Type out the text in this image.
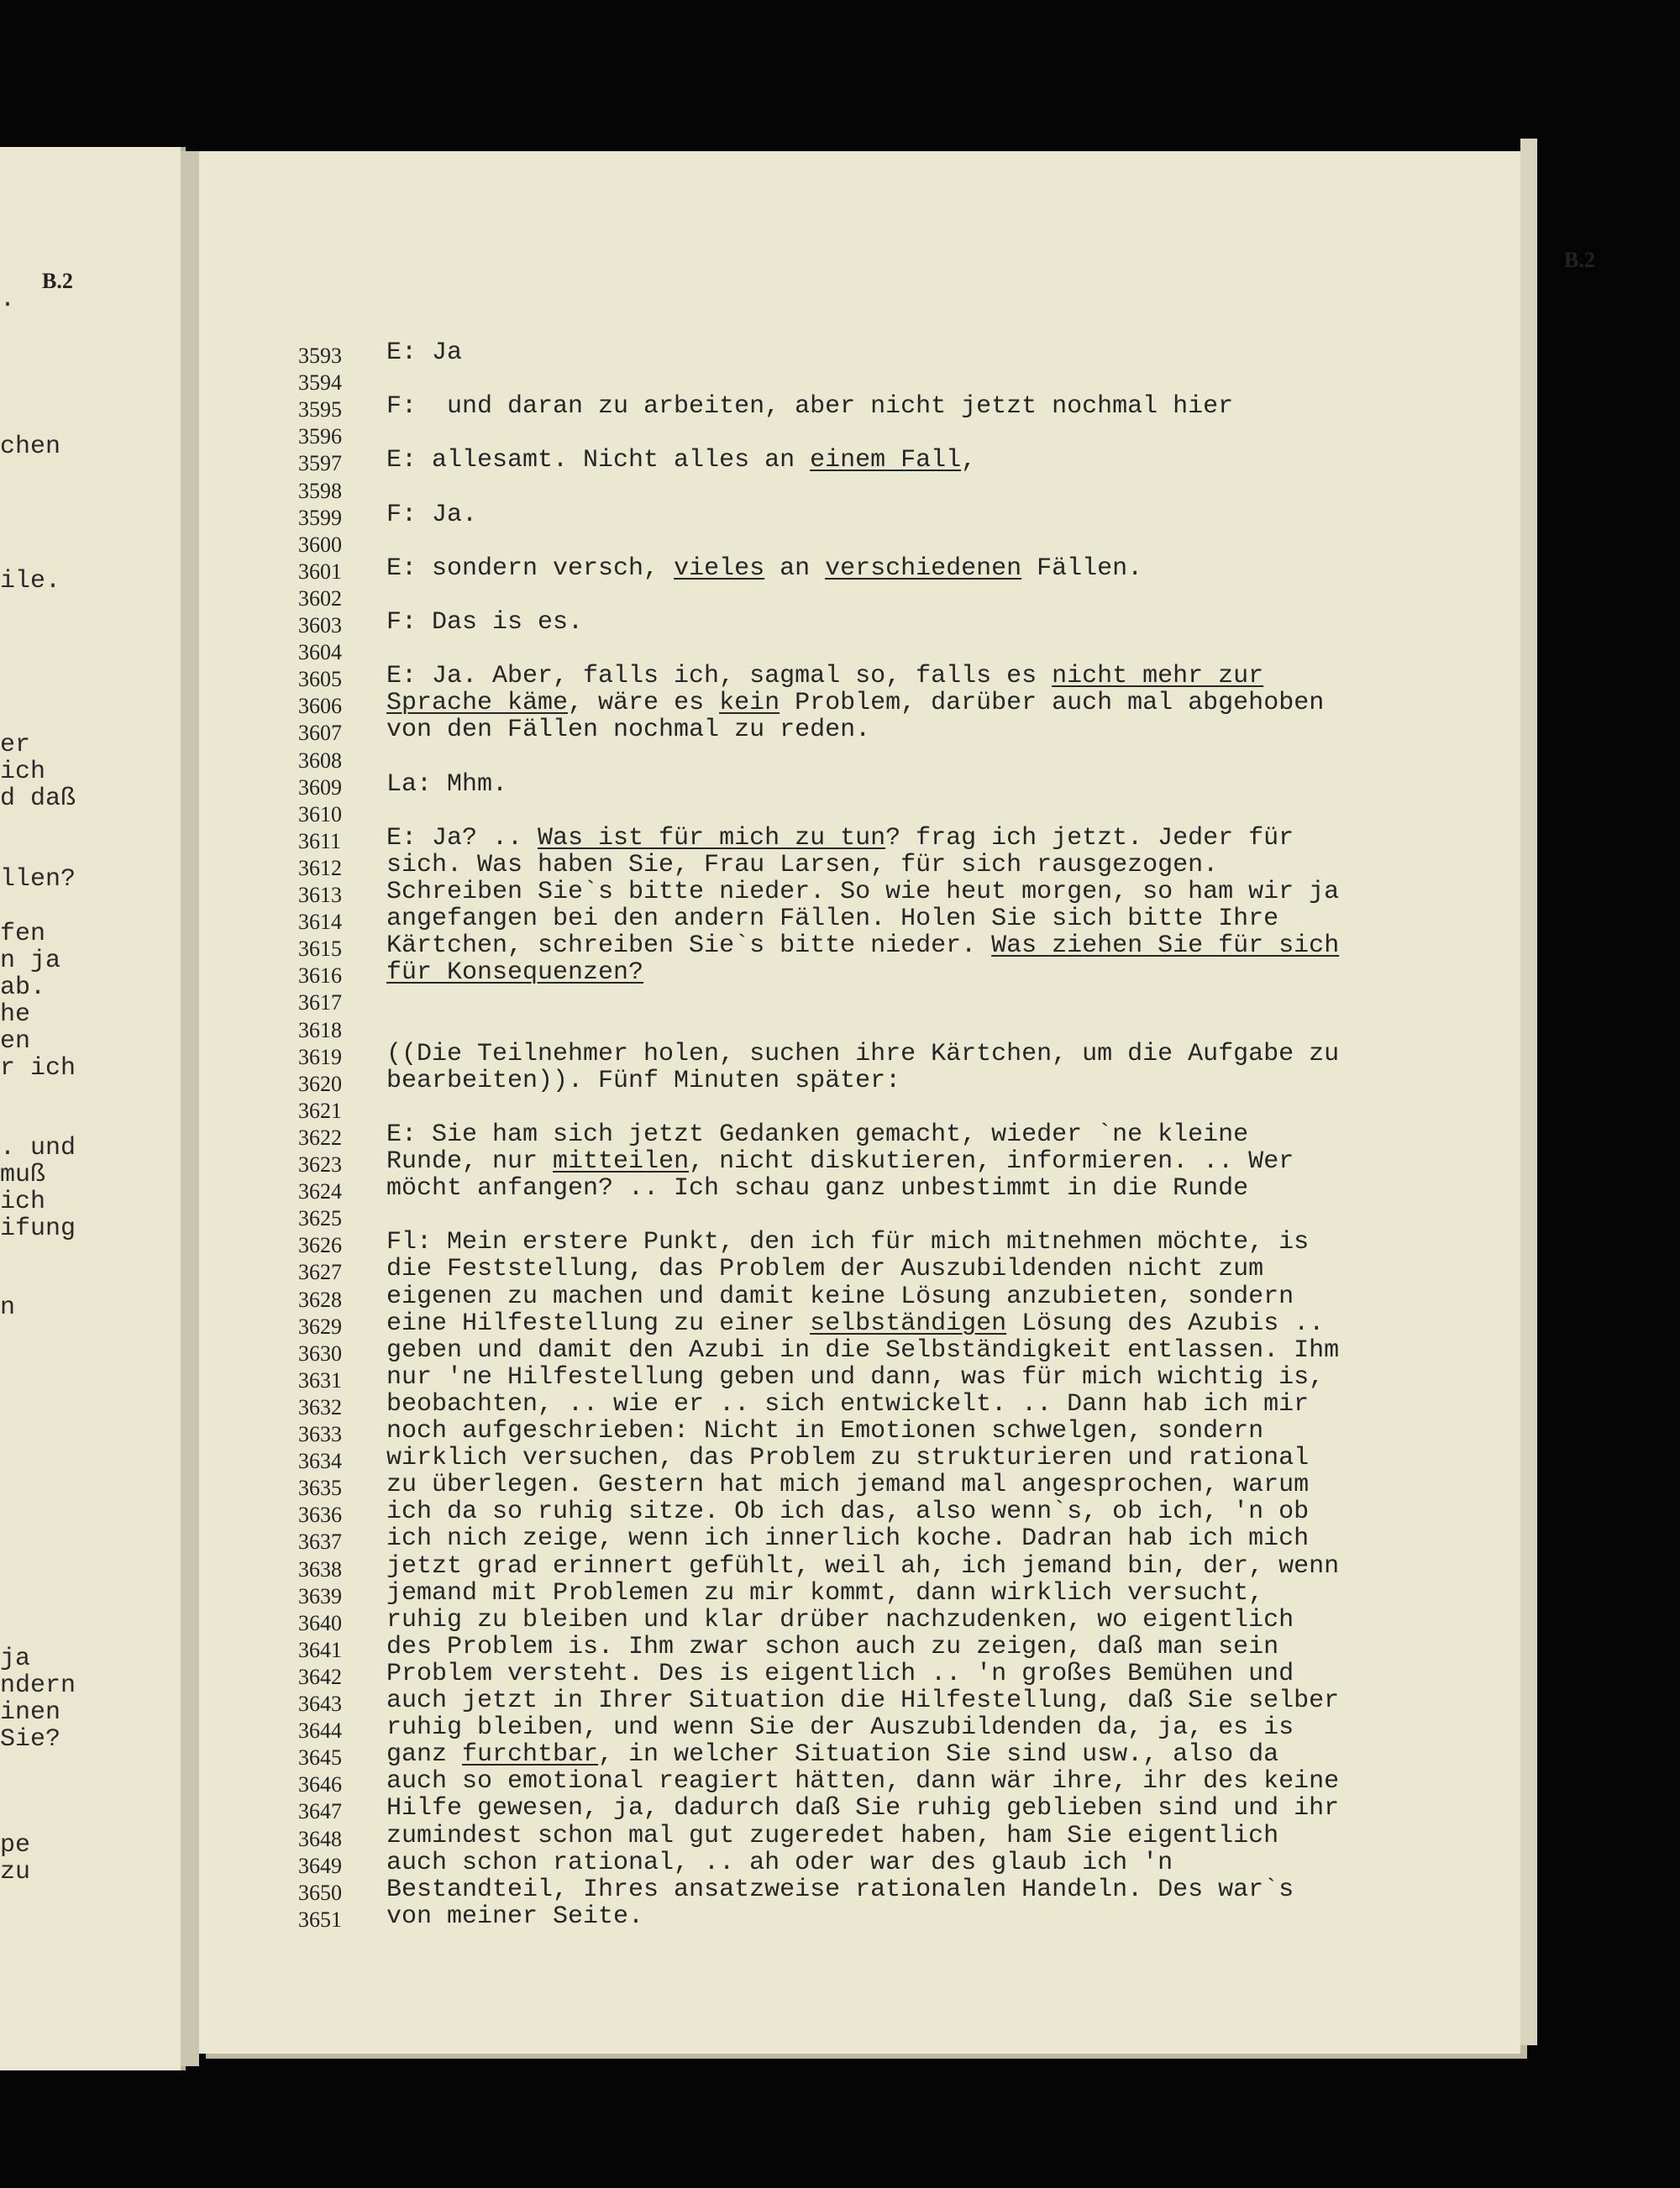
B.2
.
chen
ile.
er
ich
d daß
llen?
fen
n ja
ab.
he
en
r ich
. und
muß
ich
ifung
n
ja
ndern
inen
Sie?
pe
zu
B.2
3593	E: Ja
3594
3595	F:  und daran zu arbeiten, aber nicht jetzt nochmal hier
3596
3597	E: allesamt. Nicht alles an einem Fall,
3598
3599	F: Ja.
3600
3601	E: sondern versch, vieles an verschiedenen Fällen.
3602
3603	F: Das is es.
3604
3605	E: Ja. Aber, falls ich, sagmal so, falls es nicht mehr zur
3606	Sprache käme, wäre es kein Problem, darüber auch mal abgehoben
3607	von den Fällen nochmal zu reden.
3608
3609	La: Mhm.
3610
3611	E: Ja? .. Was ist für mich zu tun? frag ich jetzt. Jeder für
3612	sich. Was haben Sie, Frau Larsen, für sich rausgezogen.
3613	Schreiben Sie`s bitte nieder. So wie heut morgen, so ham wir ja
3614	angefangen bei den andern Fällen. Holen Sie sich bitte Ihre
3615	Kärtchen, schreiben Sie`s bitte nieder. Was ziehen Sie für sich
3616	für Konsequenzen?
3617
3618
3619	((Die Teilnehmer holen, suchen ihre Kärtchen, um die Aufgabe zu
3620	bearbeiten)). Fünf Minuten später:
3621
3622	E: Sie ham sich jetzt Gedanken gemacht, wieder `ne kleine
3623	Runde, nur mitteilen, nicht diskutieren, informieren. .. Wer
3624	möcht anfangen? .. Ich schau ganz unbestimmt in die Runde
3625
3626	Fl: Mein erstere Punkt, den ich für mich mitnehmen möchte, is
3627	die Feststellung, das Problem der Auszubildenden nicht zum
3628	eigenen zu machen und damit keine Lösung anzubieten, sondern
3629	eine Hilfestellung zu einer selbständigen Lösung des Azubis ..
3630	geben und damit den Azubi in die Selbständigkeit entlassen. Ihm
3631	nur 'ne Hilfestellung geben und dann, was für mich wichtig is,
3632	beobachten, .. wie er .. sich entwickelt. .. Dann hab ich mir
3633	noch aufgeschrieben: Nicht in Emotionen schwelgen, sondern
3634	wirklich versuchen, das Problem zu strukturieren und rational
3635	zu überlegen. Gestern hat mich jemand mal angesprochen, warum
3636	ich da so ruhig sitze. Ob ich das, also wenn`s, ob ich, 'n ob
3637	ich nich zeige, wenn ich innerlich koche. Dadran hab ich mich
3638	jetzt grad erinnert gefühlt, weil ah, ich jemand bin, der, wenn
3639	jemand mit Problemen zu mir kommt, dann wirklich versucht,
3640	ruhig zu bleiben und klar drüber nachzudenken, wo eigentlich
3641	des Problem is. Ihm zwar schon auch zu zeigen, daß man sein
3642	Problem versteht. Des is eigentlich .. 'n großes Bemühen und
3643	auch jetzt in Ihrer Situation die Hilfestellung, daß Sie selber
3644	ruhig bleiben, und wenn Sie der Auszubildenden da, ja, es is
3645	ganz furchtbar, in welcher Situation Sie sind usw., also da
3646	auch so emotional reagiert hätten, dann wär ihre, ihr des keine
3647	Hilfe gewesen, ja, dadurch daß Sie ruhig geblieben sind und ihr
3648	zumindest schon mal gut zugeredet haben, ham Sie eigentlich
3649	auch schon rational, .. ah oder war des glaub ich 'n
3650	Bestandteil, Ihres ansatzweise rationalen Handeln. Des war`s
3651	von meiner Seite.
